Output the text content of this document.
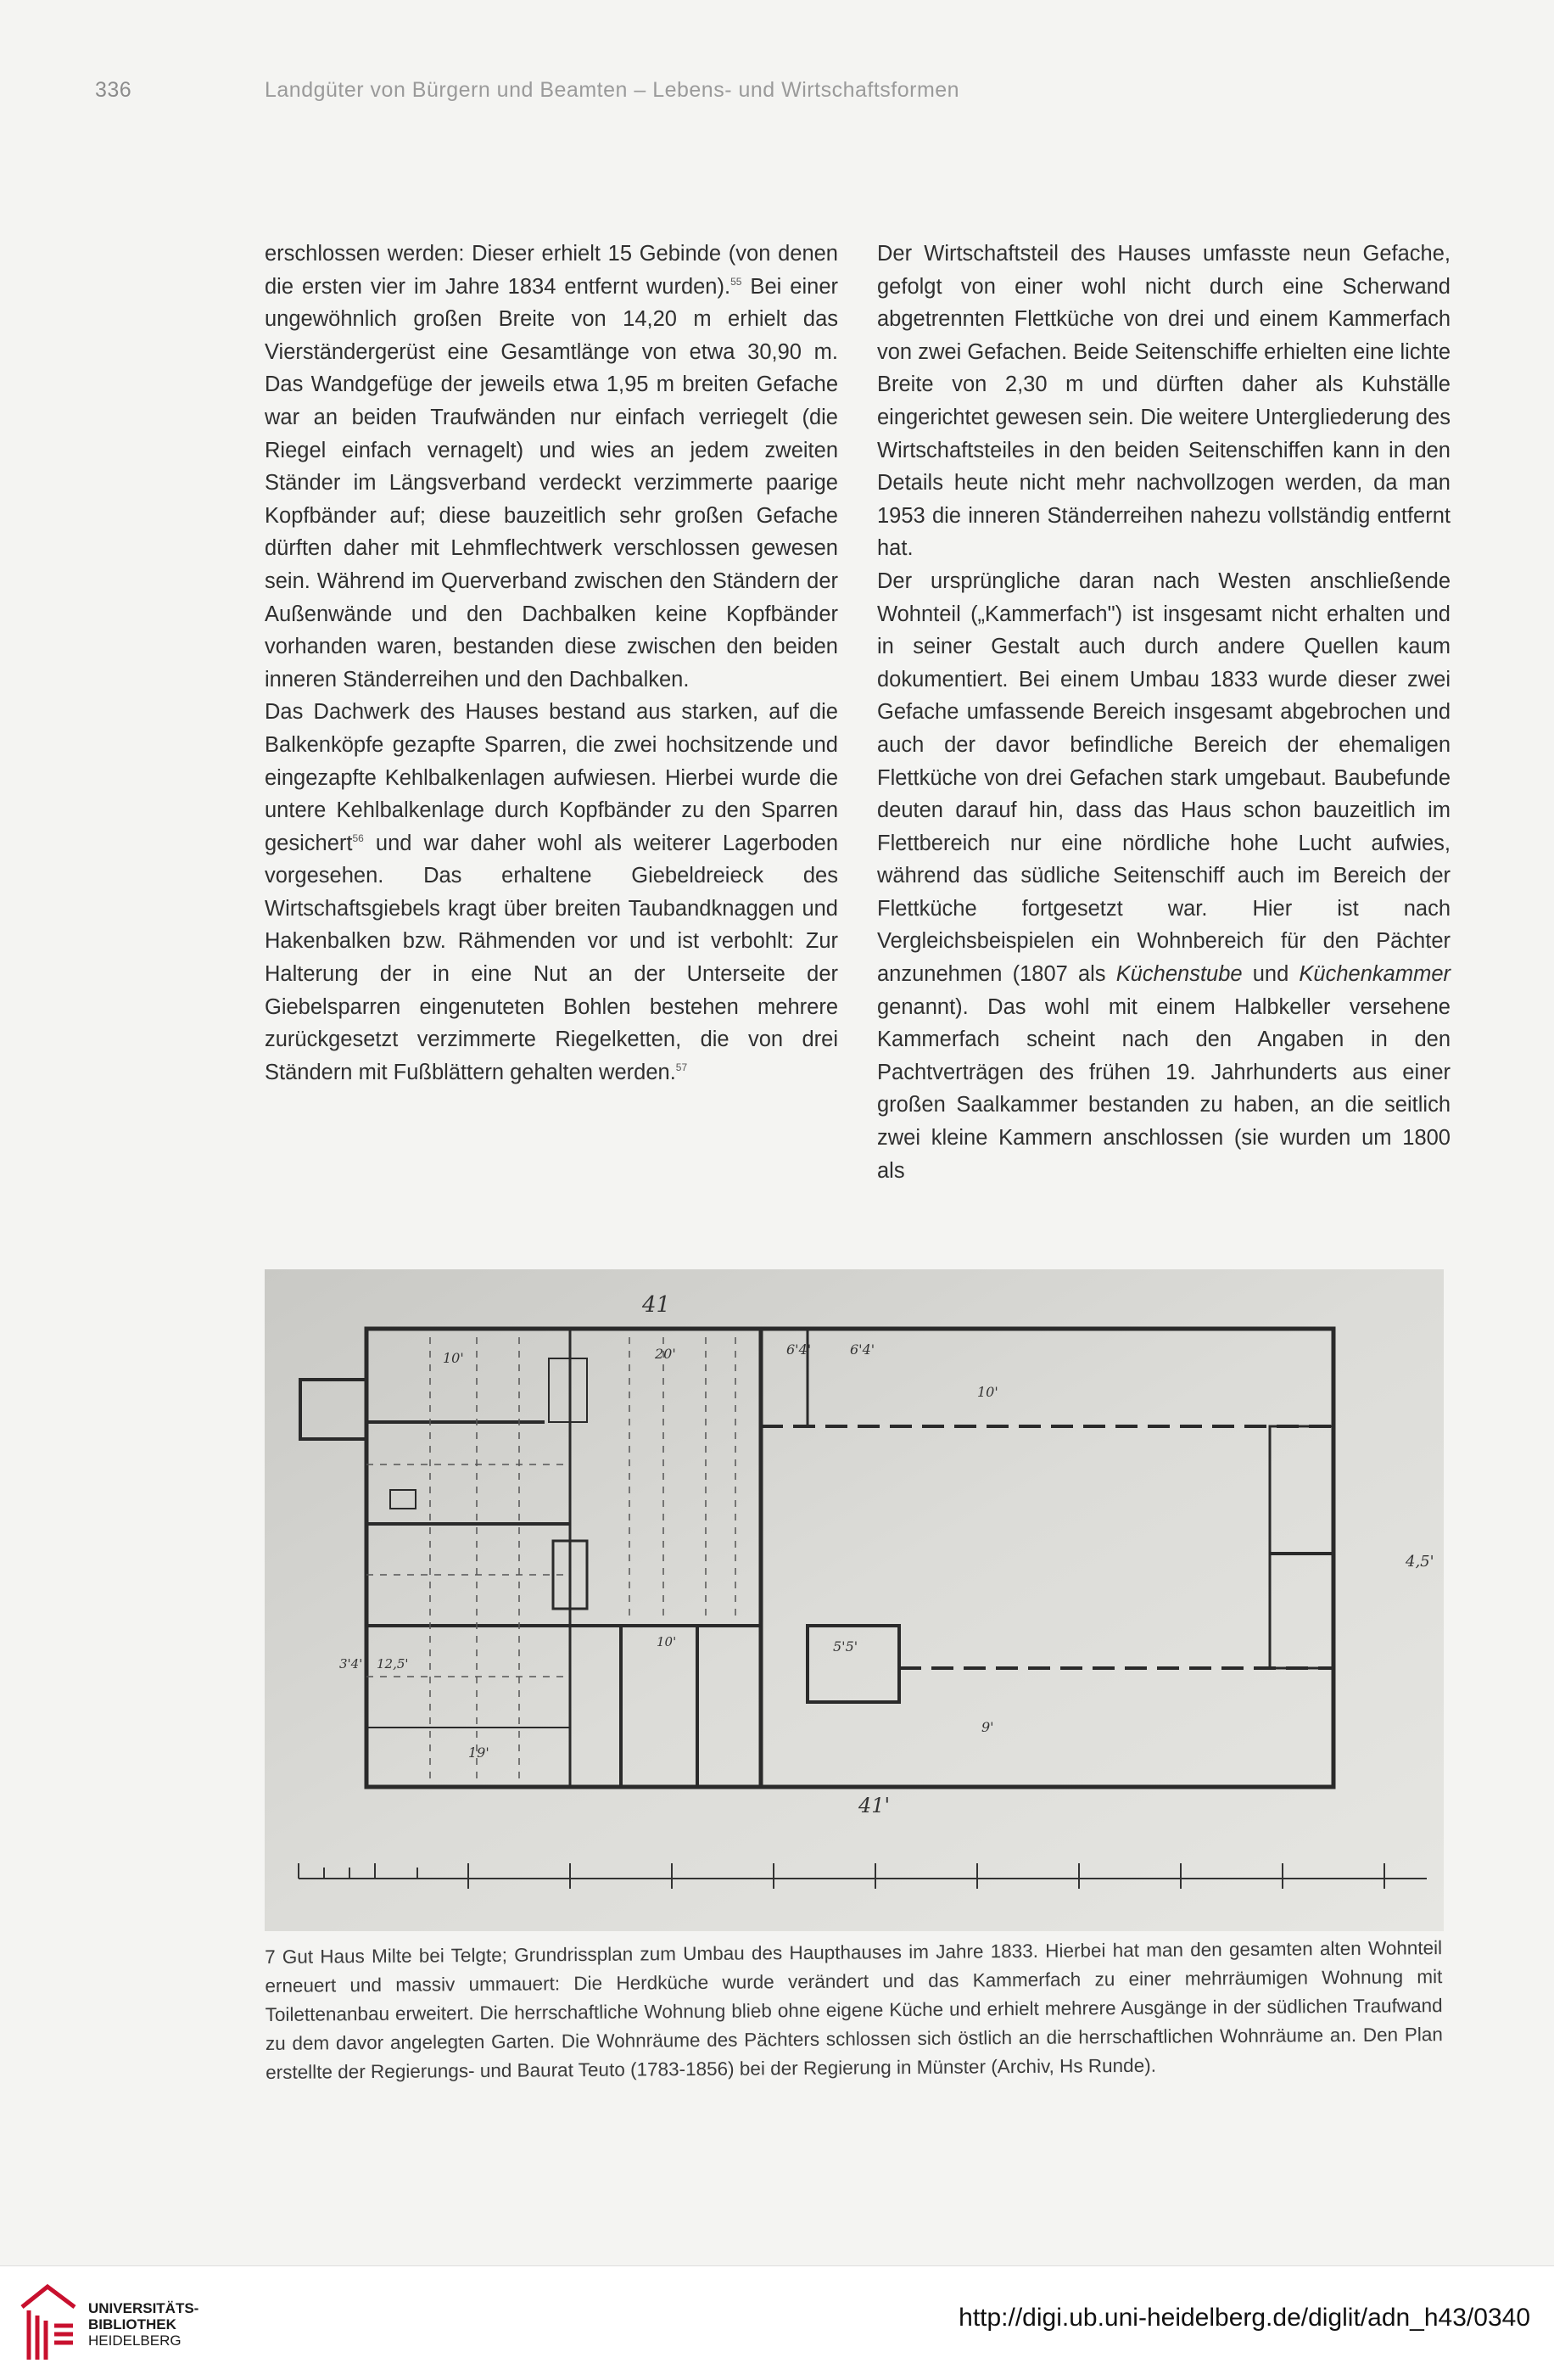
336	Landgüter von Bürgern und Beamten – Lebens- und Wirtschaftsformen

erschlossen werden: Dieser erhielt 15 Gebinde (von denen die ersten vier im Jahre 1834 entfernt wurden).$^{55}$ Bei einer ungewöhnlich großen Breite von 14,20 m erhielt das Vierständergerüst eine Gesamtlänge von etwa 30,90 m. Das Wandgefüge der jeweils etwa 1,95 m breiten Gefache war an beiden Traufwänden nur einfach verriegelt (die Riegel einfach vernagelt) und wies an jedem zweiten Ständer im Längsverband verdeckt verzimmerte paarige Kopfbänder auf; diese bauzeitlich sehr großen Gefache dürften daher mit Lehmflechtwerk verschlossen gewesen sein. Während im Querverband zwischen den Ständern der Außenwände und den Dachbalken keine Kopfbänder vorhanden waren, bestanden diese zwischen den beiden inneren Ständerreihen und den Dachbalken.

Das Dachwerk des Hauses bestand aus starken, auf die Balkenköpfe gezapfte Sparren, die zwei hochsitzende und eingezapfte Kehlbalkenlagen aufwiesen. Hierbei wurde die untere Kehlbalkenlage durch Kopfbänder zu den Sparren gesichert$^{56}$ und war daher wohl als weiterer Lagerboden vorgesehen. Das erhaltene Giebeldreieck des Wirtschaftsgiebels kragt über breiten Taubandknaggen und Hakenbalken bzw. Rähmenden vor und ist verbohlt: Zur Halterung der in eine Nut an der Unterseite der Giebelsparren eingenuteten Bohlen bestehen mehrere zurückgesetzt verzimmerte Riegelketten, die von drei Ständern mit Fußblättern gehalten werden.$^{57}$

Der Wirtschaftsteil des Hauses umfasste neun Gefache, gefolgt von einer wohl nicht durch eine Scherwand abgetrennten Flettküche von drei und einem Kammerfach von zwei Gefachen. Beide Seitenschiffe erhielten eine lichte Breite von 2,30 m und dürften daher als Kuhställe eingerichtet gewesen sein. Die weitere Untergliederung des Wirtschaftsteiles in den beiden Seitenschiffen kann in den Details heute nicht mehr nachvollzogen werden, da man 1953 die inneren Ständerreihen nahezu vollständig entfernt hat.

Der ursprüngliche daran nach Westen anschließende Wohnteil („Kammerfach") ist insgesamt nicht erhalten und in seiner Gestalt auch durch andere Quellen kaum dokumentiert. Bei einem Umbau 1833 wurde dieser zwei Gefache umfassende Bereich insgesamt abgebrochen und auch der davor befindliche Bereich der ehemaligen Flettküche von drei Gefachen stark umgebaut. Baubefunde deuten darauf hin, dass das Haus schon bauzeitlich im Flettbereich nur eine nördliche hohe Lucht aufwies, während das südliche Seitenschiff auch im Bereich der Flettküche fortgesetzt war. Hier ist nach Vergleichsbeispielen ein Wohnbereich für den Pächter anzunehmen (1807 als Küchenstube und Küchenkammer genannt). Das wohl mit einem Halbkeller versehene Kammerfach scheint nach den Angaben in den Pachtverträgen des frühen 19. Jahrhunderts aus einer großen Saalkammer bestanden zu haben, an die seitlich zwei kleine Kammern anschlossen (sie wurden um 1800 als

41
10'	20'	6'4'	6'4'
10'
41'
4,5'
10'
3'4' 12,5'
19'
5'5'
9'
7 Gut Haus Milte bei Telgte; Grundrissplan zum Umbau des Haupthauses im Jahre 1833. Hierbei hat man den gesamten alten Wohnteil erneuert und massiv ummauert: Die Herdküche wurde verändert und das Kammerfach zu einer mehrräumigen Wohnung mit Toilettenanbau erweitert. Die herrschaftliche Wohnung blieb ohne eigene Küche und erhielt mehrere Ausgänge in der südlichen Traufwand zu dem davor angelegten Garten. Die Wohnräume des Pächters schlossen sich östlich an die herrschaftlichen Wohnräume an. Den Plan erstellte der Regierungs- und Baurat Teuto (1783-1856) bei der Regierung in Münster (Archiv, Hs Runde).
UNIVERSITÄTS-
BIBLIOTHEK
HEIDELBERG
http://digi.ub.uni-heidelberg.de/diglit/adn_h43/0340
